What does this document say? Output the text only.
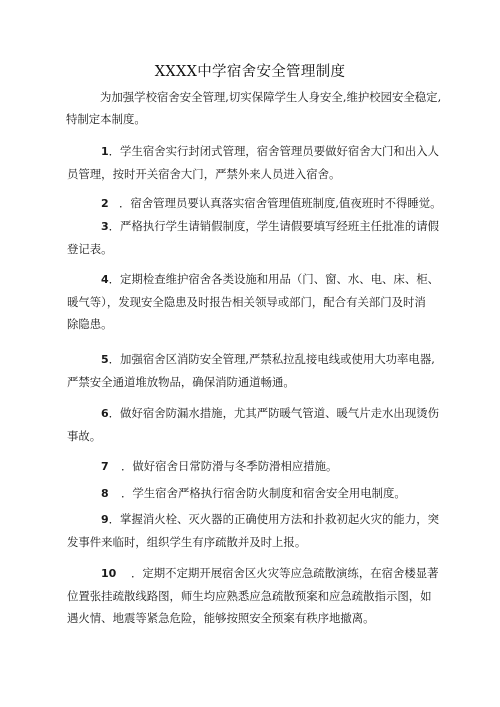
XXXX中学宿舍安全管理制度
为加强学校宿舍安全管理,切实保障学生人身安全,维护校园安全稳定,
特制定本制度。
1．学生宿舍实行封闭式管理，宿舍管理员要做好宿舍大门和出入人
员管理，按时开关宿舍大门，严禁外来人员进入宿舍。
2 ．宿舍管理员要认真落实宿舍管理值班制度,值夜班时不得睡觉。
3．严格执行学生请销假制度，学生请假要填写经班主任批准的请假
登记表。
4．定期检查维护宿舍各类设施和用品（门、窗、水、电、床、柜、
暖气等），发现安全隐患及时报告相关领导或部门，配合有关部门及时消
除隐患。
5．加强宿舍区消防安全管理,严禁私拉乱接电线或使用大功率电器,
严禁安全通道堆放物品，确保消防通道畅通。
6．做好宿舍防漏水措施，尤其严防暖气管道、暖气片走水出现烫伤
事故。
7 ．做好宿舍日常防滑与冬季防滑相应措施。
8 ．学生宿舍严格执行宿舍防火制度和宿舍安全用电制度。
9．掌握消火栓、灭火器的正确使用方法和扑救初起火灾的能力，突
发事件来临时，组织学生有序疏散并及时上报。
10 ．定期不定期开展宿舍区火灾等应急疏散演练，在宿舍楼显著
位置张挂疏散线路图，师生均应熟悉应急疏散预案和应急疏散指示图，如
遇火情、地震等紧急危险，能够按照安全预案有秩序地撤离。
